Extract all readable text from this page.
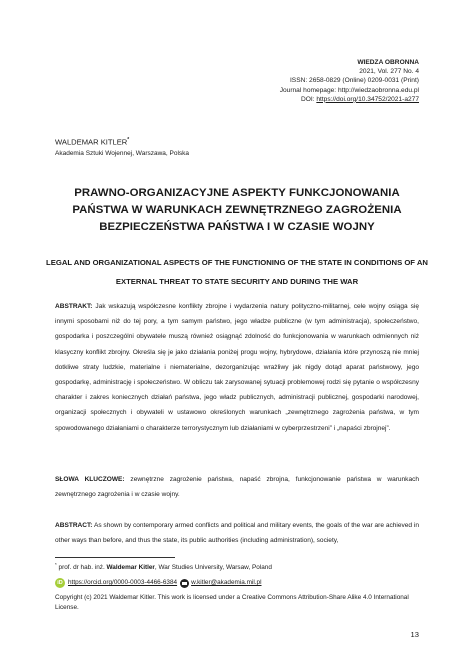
WIEDZA OBRONNA
2021, Vol. 277 No. 4
ISSN: 2658-0829 (Online) 0209-0031 (Print)
Journal homepage: http://wiedzaobronna.edu.pl
DOI: https://doi.org/10.34752/2021-a277
WALDEMAR KITLER*
Akademia Sztuki Wojennej, Warszawa, Polska
PRAWNO-ORGANIZACYJNE ASPEKTY FUNKCJONOWANIA PAŃSTWA W WARUNKACH ZEWNĘTRZNEGO ZAGROŻENIA BEZPIECZEŃSTWA PAŃSTWA I W CZASIE WOJNY
LEGAL AND ORGANIZATIONAL ASPECTS OF THE FUNCTIONING OF THE STATE IN CONDITIONS OF AN EXTERNAL THREAT TO STATE SECURITY AND DURING THE WAR
ABSTRAKT: Jak wskazują współczesne konflikty zbrojne i wydarzenia natury polityczno-militarnej, cele wojny osiąga się innymi sposobami niż do tej pory, a tym samym państwo, jego władze publiczne (w tym administracja), społeczeństwo, gospodarka i poszczególni obywatele muszą również osiągnąć zdolność do funkcjonowania w warunkach odmiennych niż klasyczny konflikt zbrojny. Określa się je jako działania poniżej progu wojny, hybrydowe, działania które przynoszą nie mniej dotkliwe straty ludzkie, materialne i niematerialne, dezorganizując wrażliwy jak nigdy dotąd aparat państwowy, jego gospodarkę, administrację i społeczeństwo. W obliczu tak zarysowanej sytuacji problemowej rodzi się pytanie o współczesny charakter i zakres koniecznych działań państwa, jego władz publicznych, administracji publicznej, gospodarki narodowej, organizacji społecznych i obywateli w ustawowo określonych warunkach „zewnętrznego zagrożenia państwa, w tym spowodowanego działaniami o charakterze terrorystycznym lub działaniami w cyberprzestrzeni” i „napaści zbrojnej”.
SŁOWA KLUCZOWE: zewnętrzne zagrożenie państwa, napaść zbrojna, funkcjonowanie państwa w warunkach zewnętrznego zagrożenia i w czasie wojny.
ABSTRACT: As shown by contemporary armed conflicts and political and military events, the goals of the war are achieved in other ways than before, and thus the state, its public authorities (including administration), society,
* prof. dr hab. inż. Waldemar Kitler, War Studies University, Warsaw, Poland
iD https://orcid.org/0000-0003-4466-6384 w.kitler@akademia.mil.pl
Copyright (c) 2021 Waldemar Kitler. This work is licensed under a Creative Commons Attribution-Share Alike 4.0 International License.
13
